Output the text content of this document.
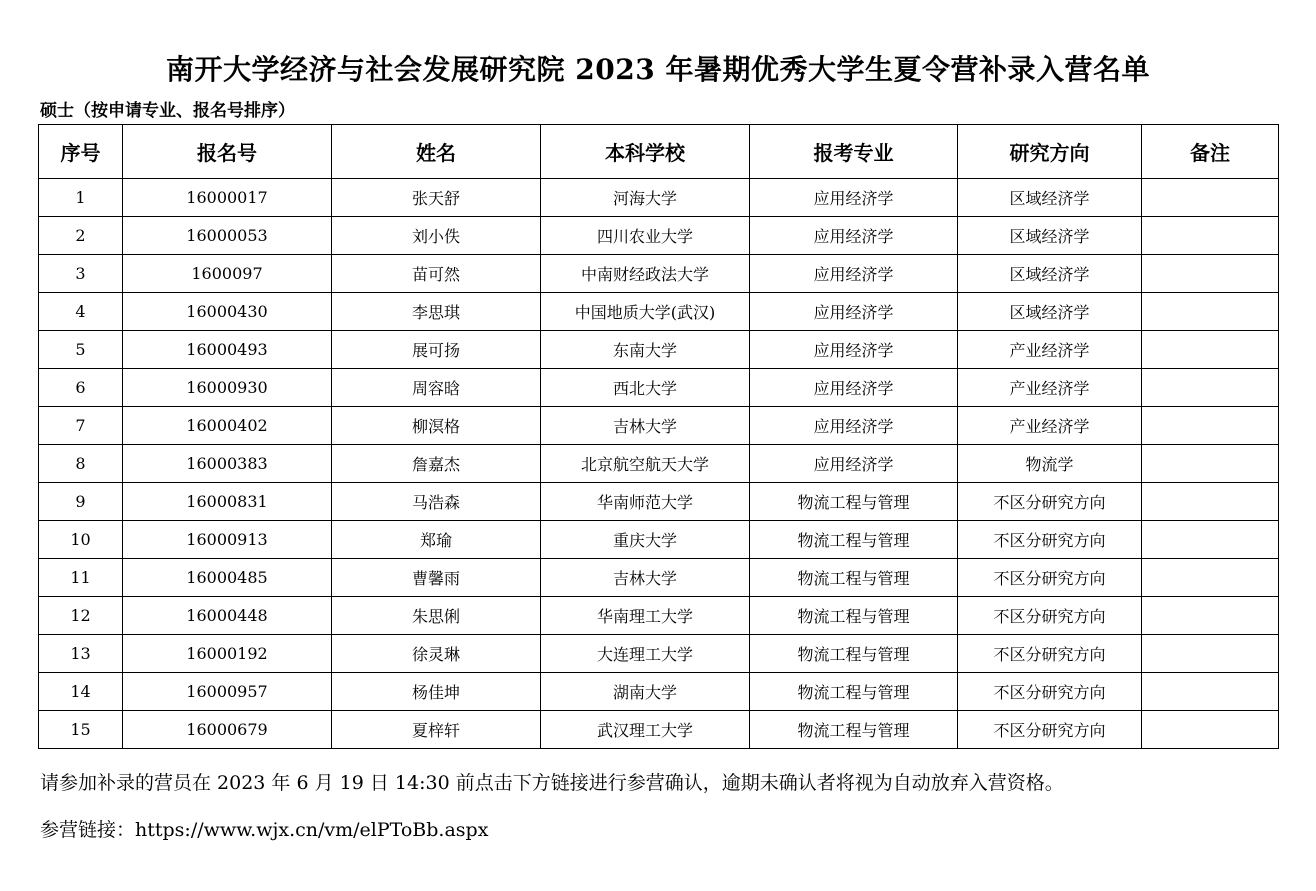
南开大学经济与社会发展研究院 2023 年暑期优秀大学生夏令营补录入营名单
硕士（按申请专业、报名号排序）
序号	报名号	姓名	本科学校	报考专业	研究方向	备注
1	16000017	张天舒	河海大学	应用经济学	区域经济学	
2	16000053	刘小佚	四川农业大学	应用经济学	区域经济学	
3	1600097	苗可然	中南财经政法大学	应用经济学	区域经济学	
4	16000430	李思琪	中国地质大学(武汉)	应用经济学	区域经济学	
5	16000493	展可扬	东南大学	应用经济学	产业经济学	
6	16000930	周容晗	西北大学	应用经济学	产业经济学	
7	16000402	柳溟格	吉林大学	应用经济学	产业经济学	
8	16000383	詹嘉杰	北京航空航天大学	应用经济学	物流学	
9	16000831	马浩森	华南师范大学	物流工程与管理	不区分研究方向	
10	16000913	郑瑜	重庆大学	物流工程与管理	不区分研究方向	
11	16000485	曹馨雨	吉林大学	物流工程与管理	不区分研究方向	
12	16000448	朱思俐	华南理工大学	物流工程与管理	不区分研究方向	
13	16000192	徐灵琳	大连理工大学	物流工程与管理	不区分研究方向	
14	16000957	杨佳坤	湖南大学	物流工程与管理	不区分研究方向	
15	16000679	夏梓轩	武汉理工大学	物流工程与管理	不区分研究方向	
请参加补录的营员在 2023 年 6 月 19 日 14:30 前点击下方链接进行参营确认，逾期未确认者将视为自动放弃入营资格。
参营链接：https://www.wjx.cn/vm/elPToBb.aspx
